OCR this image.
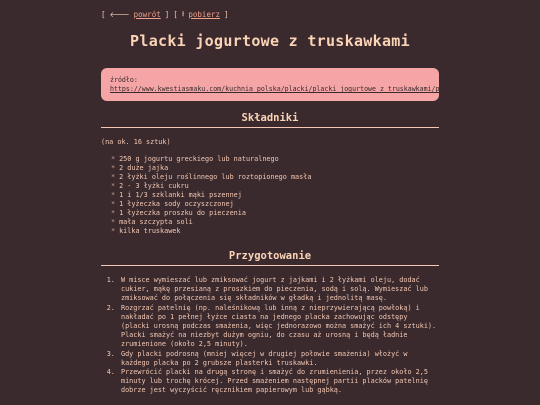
[ 🡐 powrót ] [ ⭳ pobierz ]
Placki jogurtowe z truskawkami
źródło:
https://www.kwestiasmaku.com/kuchnia_polska/placki/placki_jogurtowe_z_truskawkami/przepis.html
Składniki

(na ok. 16 sztuk)

* 250 g jogurtu greckiego lub naturalnego
* 2 duże jajka
* 2 łyżki oleju roślinnego lub roztopionego masła
* 2 - 3 łyżki cukru
* 1 i 1/3 szklanki mąki pszennej
* 1 łyżeczka sody oczyszczonej
* 1 łyżeczka proszku do pieczenia
* mała szczypta soli
* kilka truskawek
Przygotowanie
1. W misce wymieszać lub zmiksować jogurt z jajkami i 2 łyżkami oleju, dodać cukier, mąkę przesianą z proszkiem do pieczenia, sodą i solą. Wymieszać lub zmiksować do połączenia się składników w gładką i jednolitą masę.
2. Rozgrzać patelnię (np. naleśnikową lub inną z nieprzywierającą powłoką) i nakładać po 1 pełnej łyżce ciasta na jednego placka zachowując odstępy (placki urosną podczas smażenia, więc jednorazowo można smażyć ich 4 sztuki). Placki smażyć na niezbyt dużym ogniu, do czasu aż urosną i będą ładnie zrumienione (około 2,5 minuty).
3. Gdy placki podrosną (mniej więcej w drugiej połowie smażenia) włożyć w każdego placka po 2 grubsze plasterki truskawki.
4. Przewrócić placki na drugą stronę i smażyć do zrumienienia, przez około 2,5 minuty lub trochę krócej. Przed smażeniem następnej partii placków patelnię dobrze jest wyczyścić ręcznikiem papierowym lub gąbką.
